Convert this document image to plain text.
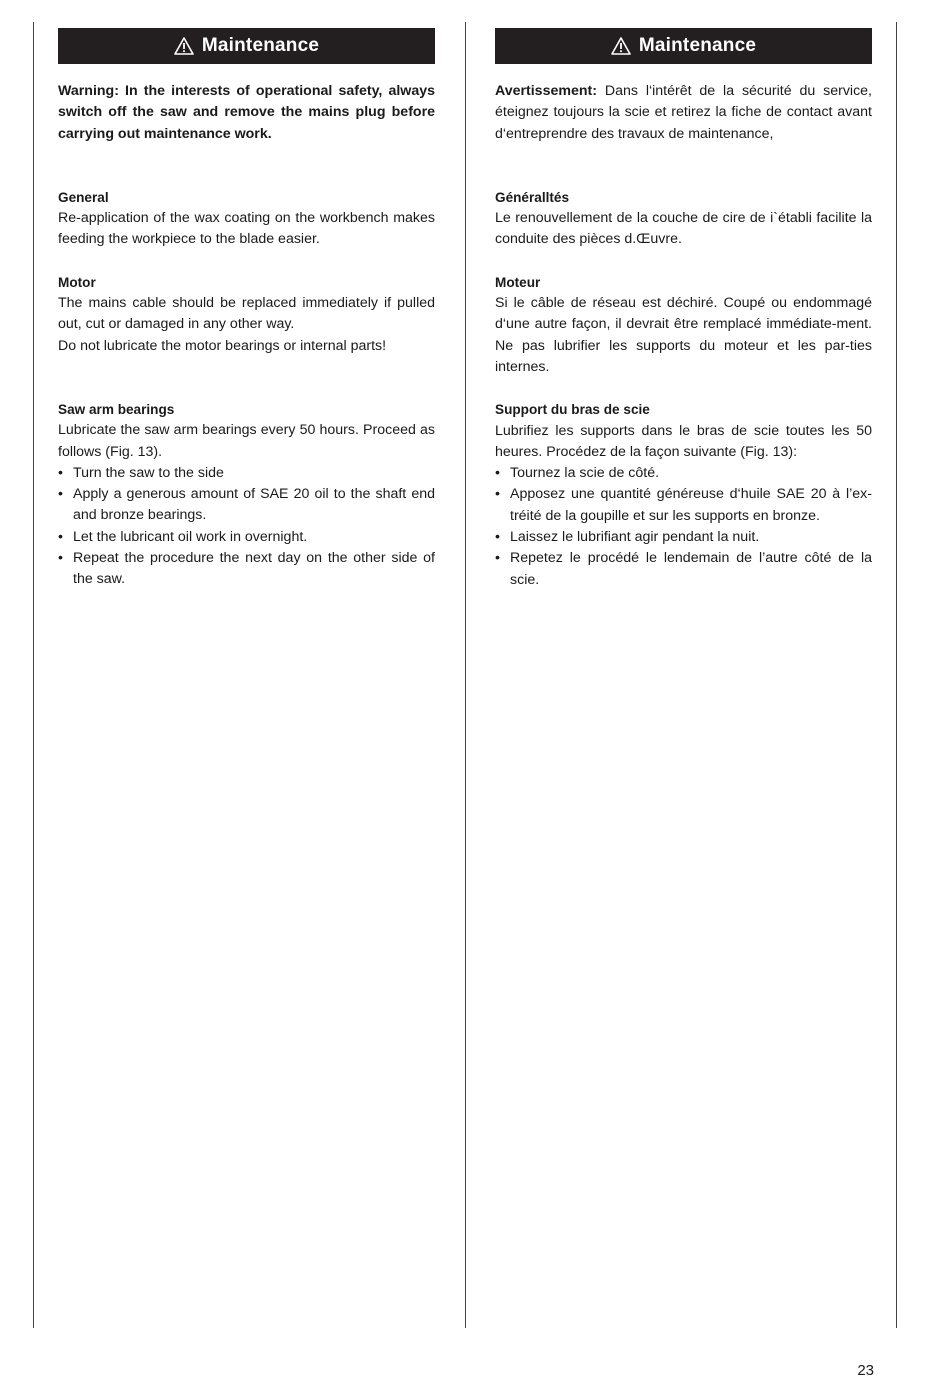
Maintenance

Warning: In the interests of operational safety, always switch off the saw and remove the mains plug before carrying out maintenance work.

General

Re-application of the wax coating on the workbench makes feeding the workpiece to the blade easier.

Motor

The mains cable should be replaced immediately if pulled out, cut or damaged in any other way.

Do not lubricate the motor bearings or internal parts!

Saw arm bearings

Lubricate the saw arm bearings every 50 hours. Proceed as follows (Fig. 13).

• Turn the saw to the side
• Apply a generous amount of SAE 20 oil to the shaft end and bronze bearings.
• Let the lubricant oil work in overnight.
• Repeat the procedure the next day on the other side of the saw.
Maintenance

Avertissement: Dans l‘intérêt de la sécurité du service, éteignez toujours la scie et retirez la fiche de contact avant d‘entreprendre des travaux de maintenance,

Généralltés

Le renouvellement de la couche de cire de i`établi facilite la conduite des pièces d.Œuvre.

Moteur

Si le câble de réseau est déchiré. Coupé ou endommagé d‘une autre façon, il devrait être remplacé immédiate-ment. Ne pas lubrifier les supports du moteur et les par-ties internes.

Support du bras de scie

Lubrifiez les supports dans le bras de scie toutes les 50 heures. Procédez de la façon suivante (Fig. 13):

• Tournez la scie de côté.
• Apposez une quantité généreuse d‘huile SAE 20 à l’ex-tréité de la goupille et sur les supports en bronze.
• Laissez le lubrifiant agir pendant la nuit.
• Repetez le procédé le lendemain de l’autre côté de la scie.
23
